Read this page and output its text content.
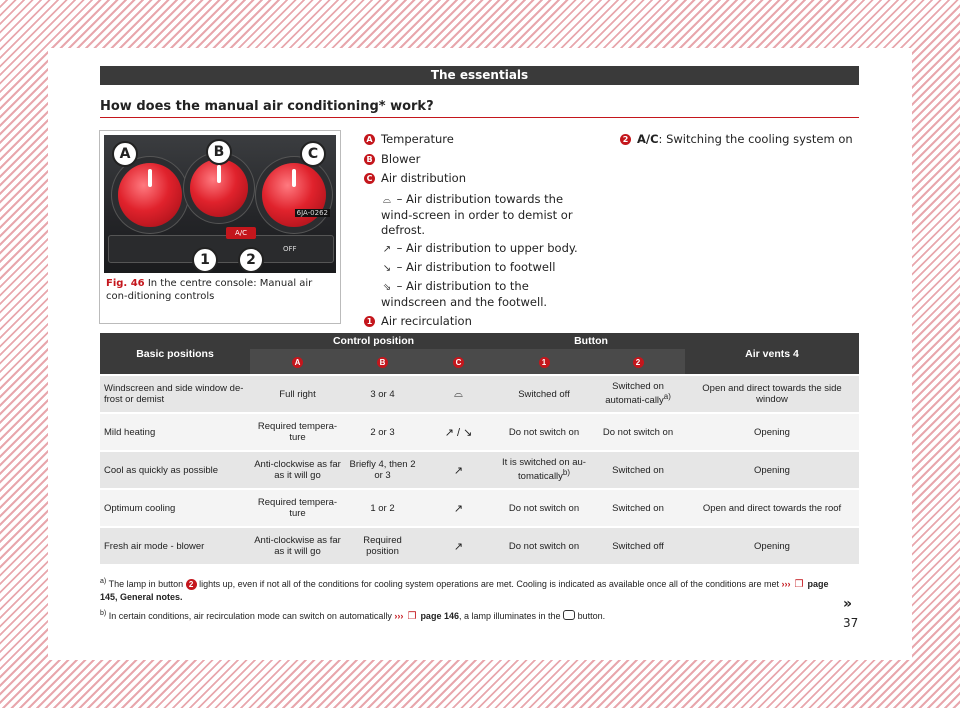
The essentials
How does the manual air conditioning* work?
A/C
OFF
A	B	C
1	2
6JA-0262
Fig. 46 In the centre console: Manual air con-ditioning controls
A Temperature
B Blower
C Air distribution
⌓ – Air distribution towards the wind-screen in order to demist or defrost.
↗ – Air distribution to upper body.
↘ – Air distribution to footwell
⇘ – Air distribution to the windscreen and the footwell.
1 Air recirculation
2 A/C: Switching the cooling system on
Basic positions	Control position			Button		Air vents 4
	A	B	C	1	2	
Windscreen and side window de-frost or demist	Full right	3 or 4	⌓	Switched off	Switched on automati-cally$^{a)}$	Open and direct towards the side window
Mild heating	Required tempera-ture	2 or 3	↗ / ↘	Do not switch on	Do not switch on	Opening
Cool as quickly as possible	Anti-clockwise as far as it will go	Briefly 4, then 2 or 3	↗	It is switched on au-tomatically$^{b)}$	Switched on	Opening
Optimum cooling	Required tempera-ture	1 or 2	↗	Do not switch on	Switched on	Open and direct towards the roof
Fresh air mode - blower	Anti-clockwise as far as it will go	Required position	↗	Do not switch on	Switched off	Opening
$^{a)}$ The lamp in button 2 lights up, even if not all of the conditions for cooling system operations are met. Cooling is indicated as available once all of the conditions are met ››› ❐ page 145, General notes.
$^{b)}$ In certain conditions, air recirculation mode can switch on automatically ››› ❐ page 146, a lamp illuminates in the button.
»
37
